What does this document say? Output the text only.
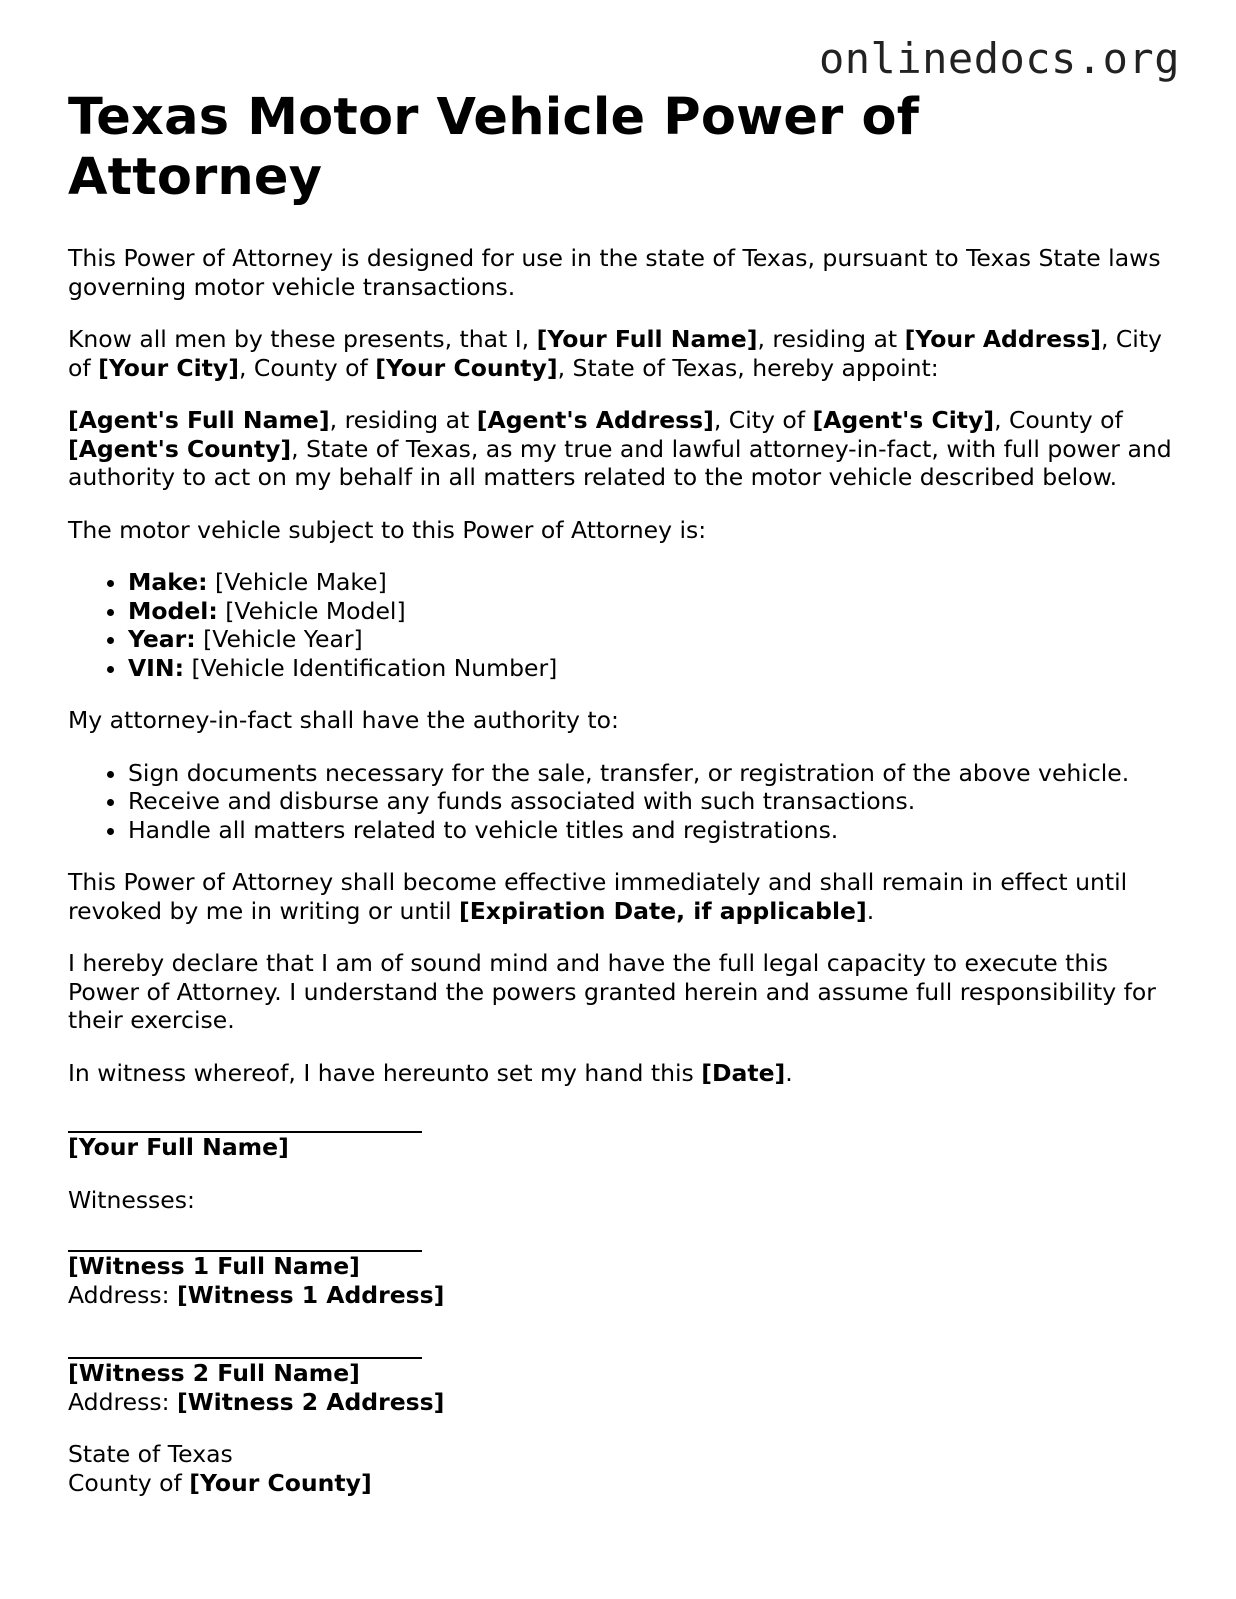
onlinedocs.org
Texas Motor Vehicle Power of Attorney

This Power of Attorney is designed for use in the state of Texas, pursuant to Texas State laws governing motor vehicle transactions.

Know all men by these presents, that I, [Your Full Name], residing at [Your Address], City of [Your City], County of [Your County], State of Texas, hereby appoint:

[Agent's Full Name], residing at [Agent's Address], City of [Agent's City], County of [Agent's County], State of Texas, as my true and lawful attorney-in-fact, with full power and authority to act on my behalf in all matters related to the motor vehicle described below.

The motor vehicle subject to this Power of Attorney is:

• Make: [Vehicle Make]
• Model: [Vehicle Model]
• Year: [Vehicle Year]
• VIN: [Vehicle Identification Number]

My attorney-in-fact shall have the authority to:

• Sign documents necessary for the sale, transfer, or registration of the above vehicle.
• Receive and disburse any funds associated with such transactions.
• Handle all matters related to vehicle titles and registrations.

This Power of Attorney shall become effective immediately and shall remain in effect until revoked by me in writing or until [Expiration Date, if applicable].

I hereby declare that I am of sound mind and have the full legal capacity to execute this Power of Attorney. I understand the powers granted herein and assume full responsibility for their exercise.

In witness whereof, I have hereunto set my hand this [Date].

[Your Full Name]

Witnesses:

[Witness 1 Full Name]

Address: [Witness 1 Address]

[Witness 2 Full Name]

Address: [Witness 2 Address]

State of Texas

County of [Your County]
